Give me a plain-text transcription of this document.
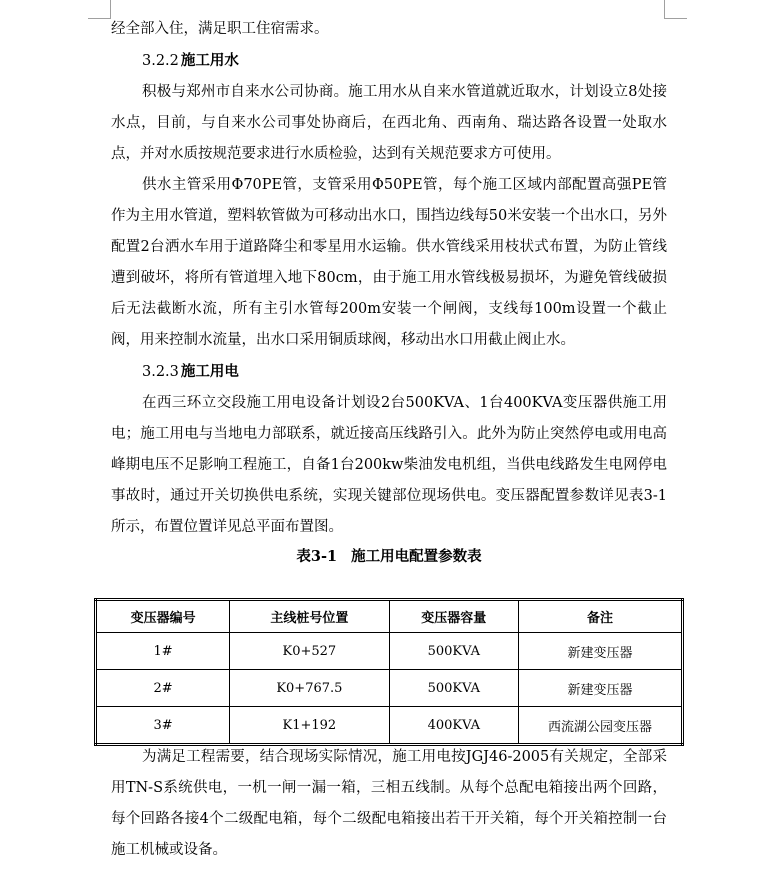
经全部入住，满足职工住宿需求。

3.2.2 施工用水

积极与郑州市自来水公司协商。施工用水从自来水管道就近取水，计划设立8处接水点，目前，与自来水公司事处协商后，在西北角、西南角、瑞达路各设置一处取水点，并对水质按规范要求进行水质检验，达到有关规范要求方可使用。

供水主管采用Φ70PE管，支管采用Φ50PE管，每个施工区域内部配置高强PE管作为主用水管道，塑料软管做为可移动出水口，围挡边线每50米安装一个出水口，另外配置2台洒水车用于道路降尘和零星用水运输。供水管线采用枝状式布置，为防止管线遭到破坏，将所有管道埋入地下80cm，由于施工用水管线极易损坏，为避免管线破损后无法截断水流，所有主引水管每200m安装一个闸阀，支线每100m设置一个截止阀，用来控制水流量，出水口采用铜质球阀，移动出水口用截止阀止水。

3.2.3 施工用电

在西三环立交段施工用电设备计划设2台500KVA、1台400KVA变压器供施工用电；施工用电与当地电力部联系，就近接高压线路引入。此外为防止突然停电或用电高峰期电压不足影响工程施工，自备1台200kw柴油发电机组，当供电线路发生电网停电事故时，通过开关切换供电系统，实现关键部位现场供电。变压器配置参数详见表3-1所示，布置位置详见总平面布置图。

表3-1 施工用电配置参数表

变压器编号	主线桩号位置	变压器容量	备注
1#	K0+527	500KVA	新建变压器
2#	K0+767.5	500KVA	新建变压器
3#	K1+192	400KVA	西流湖公园变压器

为满足工程需要，结合现场实际情况，施工用电按JGJ46-2005有关规定，全部采用TN-S系统供电，一机一闸一漏一箱，三相五线制。从每个总配电箱接出两个回路，每个回路各接4个二级配电箱，每个二级配电箱接出若干开关箱，每个开关箱控制一台施工机械或设备。
